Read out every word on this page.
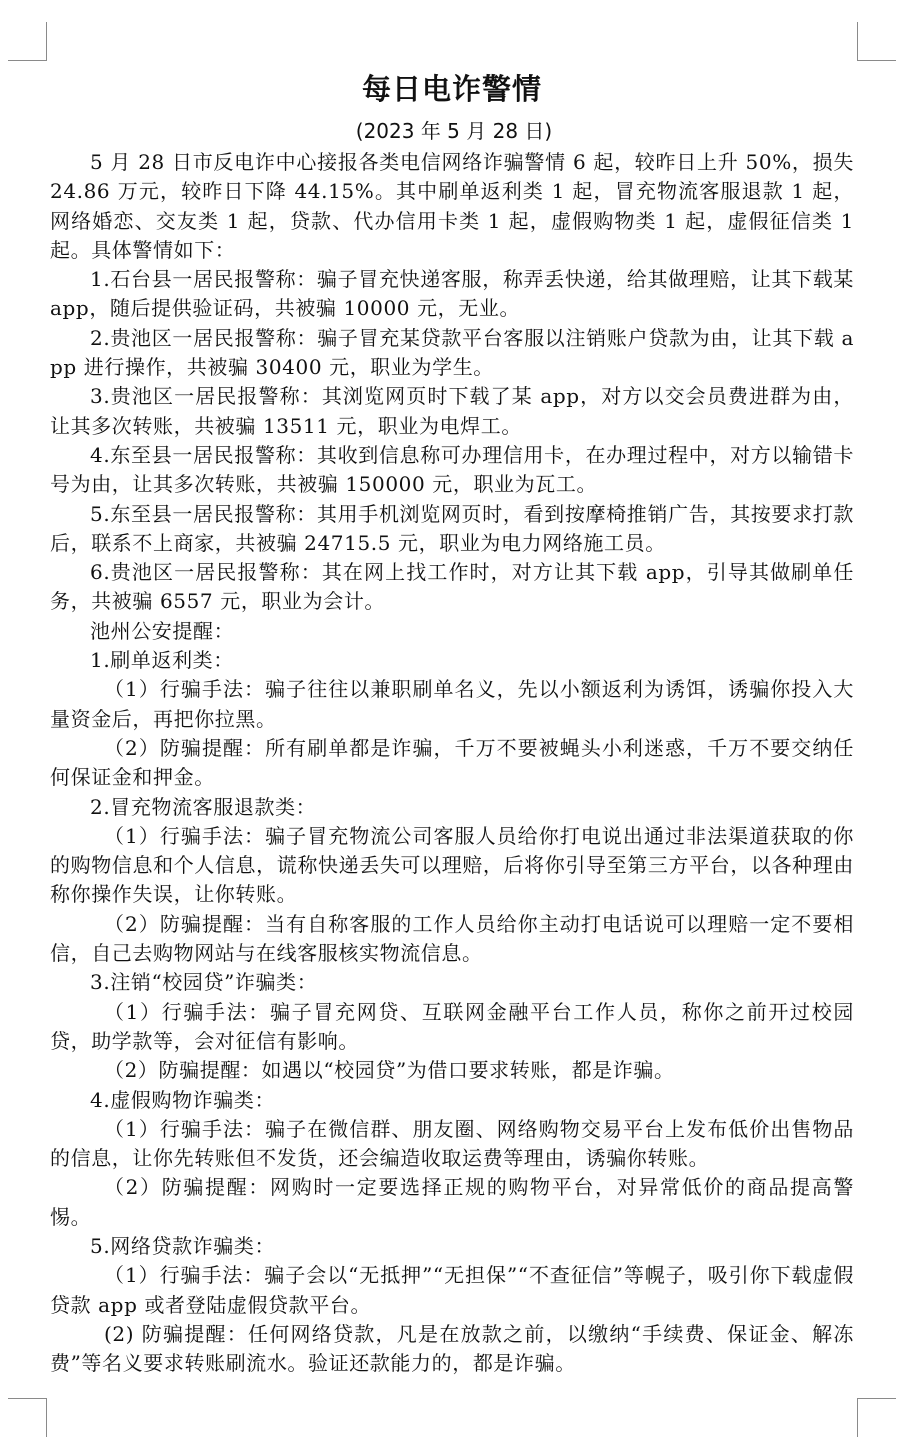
每日电诈警情

(2023 年 5 月 28 日)

5 月 28 日市反电诈中心接报各类电信网络诈骗警情 6 起，较昨日上升 50%，损失 24.86 万元，较昨日下降 44.15%。其中刷单返利类 1 起，冒充物流客服退款 1 起，网络婚恋、交友类 1 起，贷款、代办信用卡类 1 起，虚假购物类 1 起，虚假征信类 1 起。具体警情如下：

1.石台县一居民报警称：骗子冒充快递客服，称弄丢快递，给其做理赔，让其下载某 app，随后提供验证码，共被骗 10000 元，无业。

2.贵池区一居民报警称：骗子冒充某贷款平台客服以注销账户贷款为由，让其下载 app 进行操作，共被骗 30400 元，职业为学生。

3.贵池区一居民报警称：其浏览网页时下载了某 app，对方以交会员费进群为由，让其多次转账，共被骗 13511 元，职业为电焊工。

4.东至县一居民报警称：其收到信息称可办理信用卡，在办理过程中，对方以输错卡号为由，让其多次转账，共被骗 150000 元，职业为瓦工。

5.东至县一居民报警称：其用手机浏览网页时，看到按摩椅推销广告，其按要求打款后，联系不上商家，共被骗 24715.5 元，职业为电力网络施工员。

6.贵池区一居民报警称：其在网上找工作时，对方让其下载 app，引导其做刷单任务，共被骗 6557 元，职业为会计。

池州公安提醒：

1.刷单返利类：

（1）行骗手法：骗子往往以兼职刷单名义，先以小额返利为诱饵，诱骗你投入大量资金后，再把你拉黑。

（2）防骗提醒：所有刷单都是诈骗，千万不要被蝇头小利迷惑，千万不要交纳任何保证金和押金。

2.冒充物流客服退款类：

（1）行骗手法：骗子冒充物流公司客服人员给你打电说出通过非法渠道获取的你的购物信息和个人信息，谎称快递丢失可以理赔，后将你引导至第三方平台，以各种理由称你操作失误，让你转账。

（2）防骗提醒：当有自称客服的工作人员给你主动打电话说可以理赔一定不要相信，自己去购物网站与在线客服核实物流信息。

3.注销“校园贷”诈骗类：

（1）行骗手法：骗子冒充网贷、互联网金融平台工作人员，称你之前开过校园贷，助学款等，会对征信有影响。

（2）防骗提醒：如遇以“校园贷”为借口要求转账，都是诈骗。

4.虚假购物诈骗类：

（1）行骗手法：骗子在微信群、朋友圈、网络购物交易平台上发布低价出售物品的信息，让你先转账但不发货，还会编造收取运费等理由，诱骗你转账。

（2）防骗提醒：网购时一定要选择正规的购物平台，对异常低价的商品提高警惕。

5.网络贷款诈骗类：

（1）行骗手法：骗子会以“无抵押”“无担保”“不查征信”等幌子，吸引你下载虚假贷款 app 或者登陆虚假贷款平台。

(2) 防骗提醒：任何网络贷款，凡是在放款之前，以缴纳“手续费、保证金、解冻费”等名义要求转账刷流水。验证还款能力的，都是诈骗。
